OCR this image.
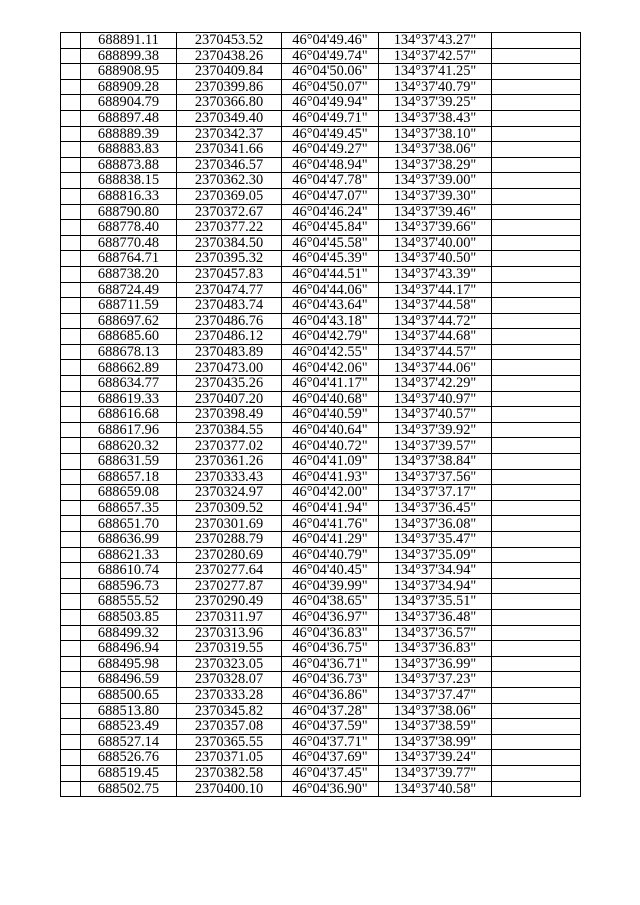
	688891.11	2370453.52	46°04'49.46"	134°37'43.27"	
	688899.38	2370438.26	46°04'49.74"	134°37'42.57"	
	688908.95	2370409.84	46°04'50.06"	134°37'41.25"	
	688909.28	2370399.86	46°04'50.07"	134°37'40.79"	
	688904.79	2370366.80	46°04'49.94"	134°37'39.25"	
	688897.48	2370349.40	46°04'49.71"	134°37'38.43"	
	688889.39	2370342.37	46°04'49.45"	134°37'38.10"	
	688883.83	2370341.66	46°04'49.27"	134°37'38.06"	
	688873.88	2370346.57	46°04'48.94"	134°37'38.29"	
	688838.15	2370362.30	46°04'47.78"	134°37'39.00"	
	688816.33	2370369.05	46°04'47.07"	134°37'39.30"	
	688790.80	2370372.67	46°04'46.24"	134°37'39.46"	
	688778.40	2370377.22	46°04'45.84"	134°37'39.66"	
	688770.48	2370384.50	46°04'45.58"	134°37'40.00"	
	688764.71	2370395.32	46°04'45.39"	134°37'40.50"	
	688738.20	2370457.83	46°04'44.51"	134°37'43.39"	
	688724.49	2370474.77	46°04'44.06"	134°37'44.17"	
	688711.59	2370483.74	46°04'43.64"	134°37'44.58"	
	688697.62	2370486.76	46°04'43.18"	134°37'44.72"	
	688685.60	2370486.12	46°04'42.79"	134°37'44.68"	
	688678.13	2370483.89	46°04'42.55"	134°37'44.57"	
	688662.89	2370473.00	46°04'42.06"	134°37'44.06"	
	688634.77	2370435.26	46°04'41.17"	134°37'42.29"	
	688619.33	2370407.20	46°04'40.68"	134°37'40.97"	
	688616.68	2370398.49	46°04'40.59"	134°37'40.57"	
	688617.96	2370384.55	46°04'40.64"	134°37'39.92"	
	688620.32	2370377.02	46°04'40.72"	134°37'39.57"	
	688631.59	2370361.26	46°04'41.09"	134°37'38.84"	
	688657.18	2370333.43	46°04'41.93"	134°37'37.56"	
	688659.08	2370324.97	46°04'42.00"	134°37'37.17"	
	688657.35	2370309.52	46°04'41.94"	134°37'36.45"	
	688651.70	2370301.69	46°04'41.76"	134°37'36.08"	
	688636.99	2370288.79	46°04'41.29"	134°37'35.47"	
	688621.33	2370280.69	46°04'40.79"	134°37'35.09"	
	688610.74	2370277.64	46°04'40.45"	134°37'34.94"	
	688596.73	2370277.87	46°04'39.99"	134°37'34.94"	
	688555.52	2370290.49	46°04'38.65"	134°37'35.51"	
	688503.85	2370311.97	46°04'36.97"	134°37'36.48"	
	688499.32	2370313.96	46°04'36.83"	134°37'36.57"	
	688496.94	2370319.55	46°04'36.75"	134°37'36.83"	
	688495.98	2370323.05	46°04'36.71"	134°37'36.99"	
	688496.59	2370328.07	46°04'36.73"	134°37'37.23"	
	688500.65	2370333.28	46°04'36.86"	134°37'37.47"	
	688513.80	2370345.82	46°04'37.28"	134°37'38.06"	
	688523.49	2370357.08	46°04'37.59"	134°37'38.59"	
	688527.14	2370365.55	46°04'37.71"	134°37'38.99"	
	688526.76	2370371.05	46°04'37.69"	134°37'39.24"	
	688519.45	2370382.58	46°04'37.45"	134°37'39.77"	
	688502.75	2370400.10	46°04'36.90"	134°37'40.58"	
